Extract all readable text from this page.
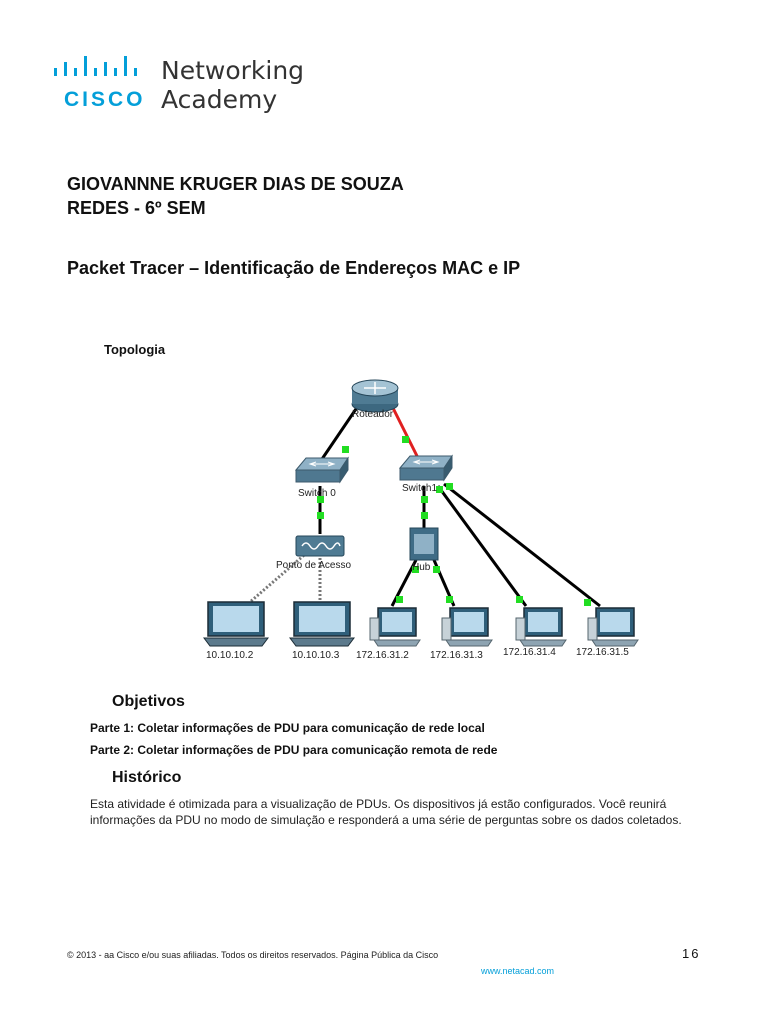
CISCO
Networking
Academy
GIOVANNNE KRUGER DIAS DE SOUZA
REDES - 6º SEM
Packet Tracer – Identificação de Endereços MAC e IP
Topologia
Roteador
Switch 0	Switch1
Ponto de Acesso	Hub
10.10.10.2	10.10.10.3 172.16.31.2 172.16.31.3 172.16.31.4 172.16.31.5
Objetivos
Parte 1: Coletar informações de PDU para comunicação de rede local
Parte 2: Coletar informações de PDU para comunicação remota de rede
Histórico
Esta atividade é otimizada para a visualização de PDUs. Os dispositivos já estão configurados. Você reunirá informações da PDU no modo de simulação e responderá a uma série de perguntas sobre os dados coletados.
© 2013 - aa Cisco e/ou suas afiliadas. Todos os direitos reservados. Página Pública da Cisco	16
www.netacad.com
